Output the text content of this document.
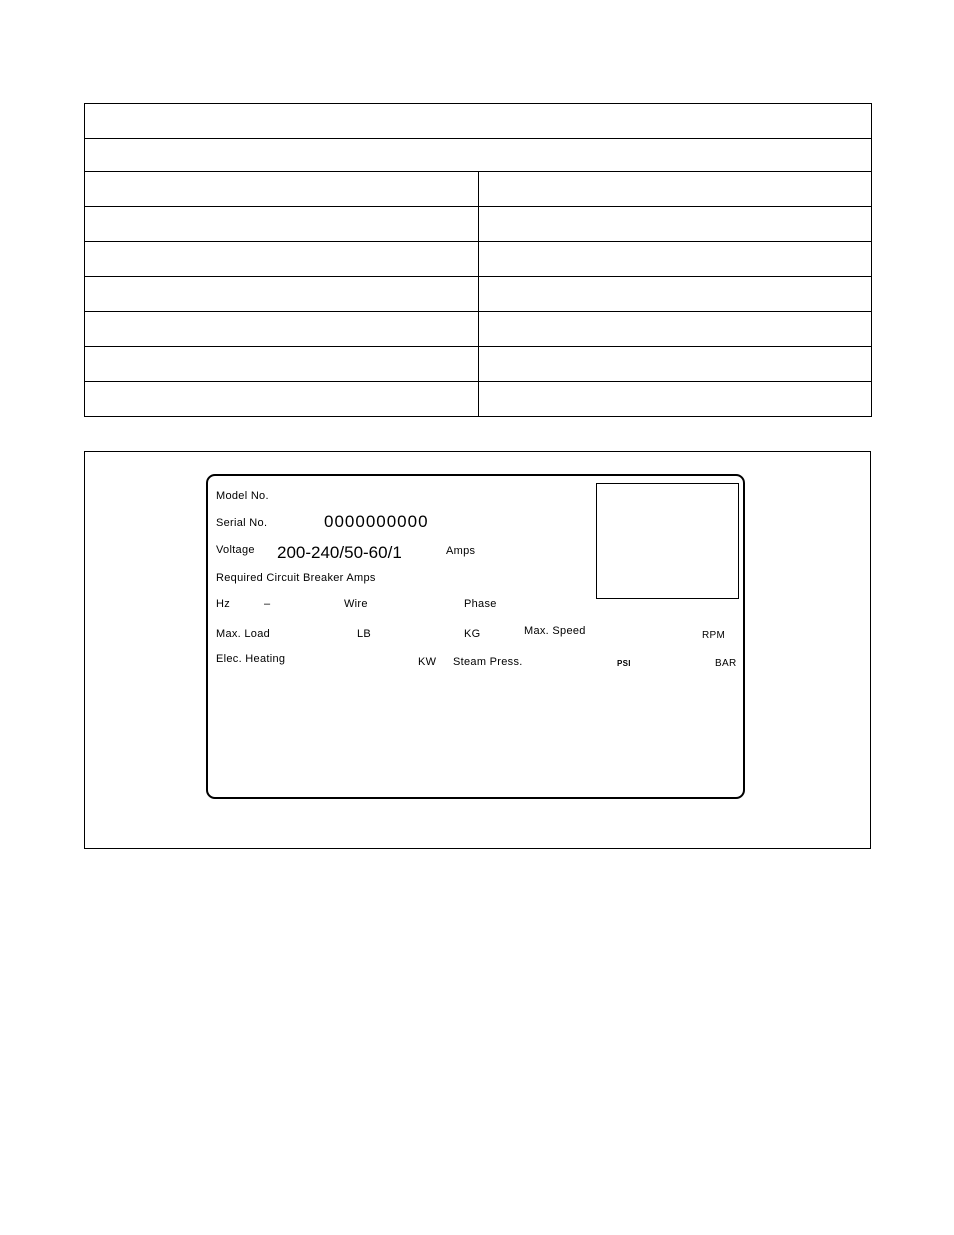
Model No.
Serial No.	0000000000
Voltage 200-240/50-60/1	Amps
Required Circuit Breaker Amps
Hz	–	Wire	Phase
Max. Load	LB	KG	Max. Speed	RPM
Elec. Heating	KW Steam Press.	PSI	BAR
